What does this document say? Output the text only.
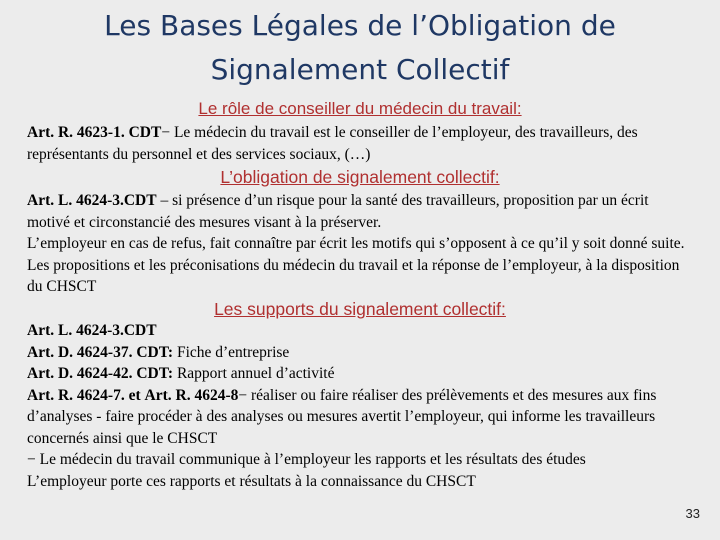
Les Bases Légales de l’Obligation de
Signalement Collectif
Le rôle de conseiller du médecin du travail:
Art. R. 4623-1. CDT− Le médecin du travail est le conseiller de l’employeur, des travailleurs, des représentants du personnel et des services sociaux, (…)
L’obligation de signalement collectif:
Art. L. 4624-3.CDT – si présence d’un risque pour la santé des travailleurs, proposition par un écrit motivé et circonstancié des mesures visant à la préserver.
L’employeur en cas de refus, fait connaître par écrit les motifs qui s’opposent à ce qu’il y soit donné suite. Les propositions et les préconisations du médecin du travail et la réponse de l’employeur, à la disposition du CHSCT
Les supports du signalement collectif:
Art. L. 4624-3.CDT
Art. D. 4624-37. CDT: Fiche d’entreprise
Art. D. 4624-42. CDT: Rapport annuel d’activité
Art. R. 4624-7. et Art. R. 4624-8− réaliser ou faire réaliser des prélèvements et des mesures aux fins d’analyses - faire procéder à des analyses ou mesures avertit l’employeur, qui informe les travailleurs concernés ainsi que le CHSCT
− Le médecin du travail communique à l’employeur les rapports et les résultats des études
L’employeur porte ces rapports et résultats à la connaissance du CHSCT
33
